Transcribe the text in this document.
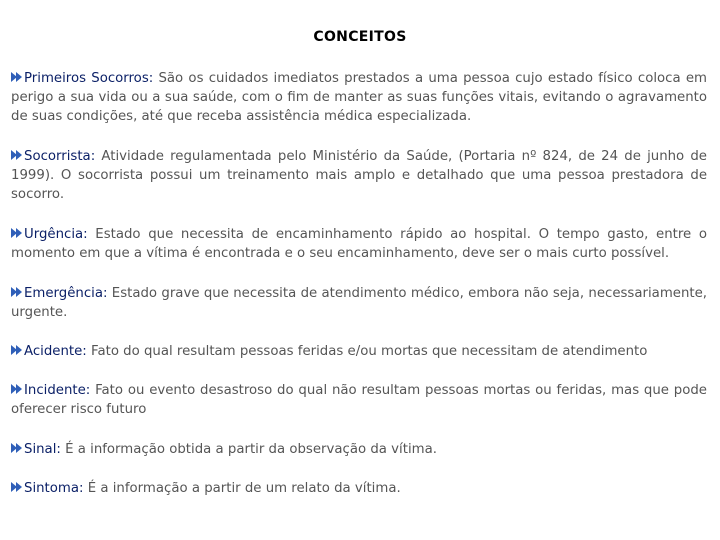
CONCEITOS
Primeiros Socorros: São os cuidados imediatos prestados a uma pessoa cujo estado físico coloca em perigo a sua vida ou a sua saúde, com o fim de manter as suas funções vitais, evitando o agravamento de suas condições, até que receba assistência médica especializada.
Socorrista: Atividade regulamentada pelo Ministério da Saúde, (Portaria nº 824, de 24 de junho de 1999). O socorrista possui um treinamento mais amplo e detalhado que uma pessoa prestadora de socorro.
Urgência: Estado que necessita de encaminhamento rápido ao hospital. O tempo gasto, entre o momento em que a vítima é encontrada e o seu encaminhamento, deve ser o mais curto possível.
Emergência: Estado grave que necessita de atendimento médico, embora não seja, necessariamente, urgente.
Acidente: Fato do qual resultam pessoas feridas e/ou mortas que necessitam de atendimento
Incidente: Fato ou evento desastroso do qual não resultam pessoas mortas ou feridas, mas que pode oferecer risco futuro
Sinal: É a informação obtida a partir da observação da vítima.
Sintoma: É a informação a partir de um relato da vítima.
